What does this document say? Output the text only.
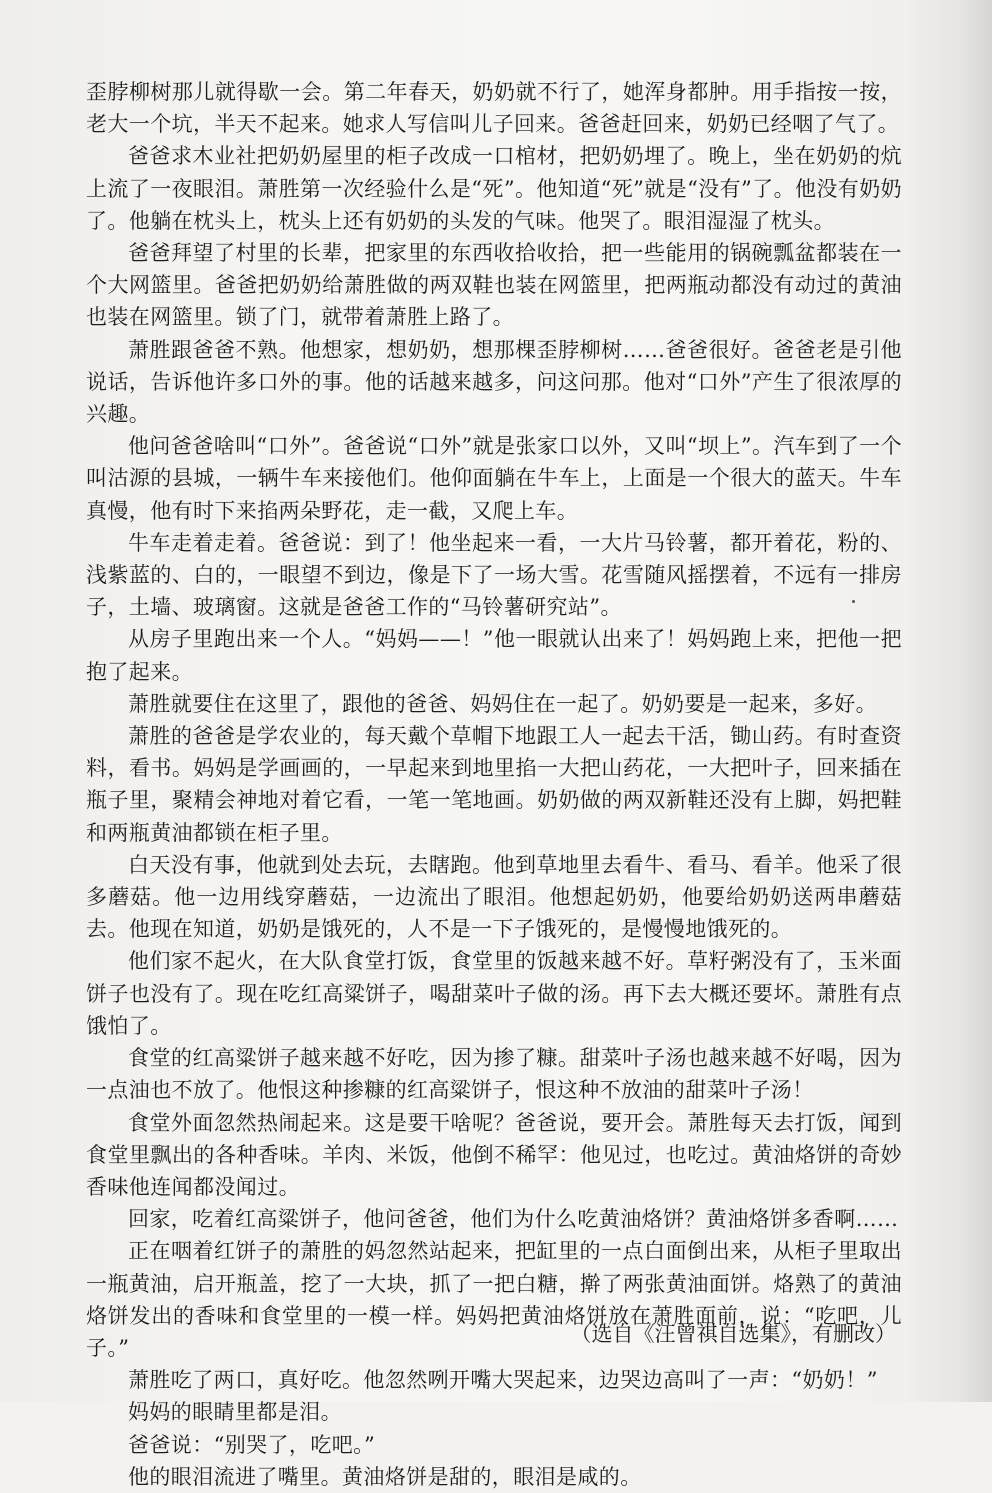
歪脖柳树那儿就得歇一会。第二年春天，奶奶就不行了，她浑身都肿。用手指按一按，老大一个坑，半天不起来。她求人写信叫儿子回来。爸爸赶回来，奶奶已经咽了气了。

爸爸求木业社把奶奶屋里的柜子改成一口棺材，把奶奶埋了。晚上，坐在奶奶的炕上流了一夜眼泪。萧胜第一次经验什么是“死”。他知道“死”就是“没有”了。他没有奶奶了。他躺在枕头上，枕头上还有奶奶的头发的气味。他哭了。眼泪湿湿了枕头。

爸爸拜望了村里的长辈，把家里的东西收拾收拾，把一些能用的锅碗瓢盆都装在一个大网篮里。爸爸把奶奶给萧胜做的两双鞋也装在网篮里，把两瓶动都没有动过的黄油也装在网篮里。锁了门，就带着萧胜上路了。

萧胜跟爸爸不熟。他想家，想奶奶，想那棵歪脖柳树……爸爸很好。爸爸老是引他说话，告诉他许多口外的事。他的话越来越多，问这问那。他对“口外”产生了很浓厚的兴趣。

他问爸爸啥叫“口外”。爸爸说“口外”就是张家口以外，又叫“坝上”。汽车到了一个叫沽源的县城，一辆牛车来接他们。他仰面躺在牛车上，上面是一个很大的蓝天。牛车真慢，他有时下来掐两朵野花，走一截，又爬上车。

牛车走着走着。爸爸说：到了！他坐起来一看，一大片马铃薯，都开着花，粉的、浅紫蓝的、白的，一眼望不到边，像是下了一场大雪。花雪随风摇摆着，不远有一排房子，土墙、玻璃窗。这就是爸爸工作的“马铃薯研究站”。

从房子里跑出来一个人。“妈妈——！”他一眼就认出来了！妈妈跑上来，把他一把抱了起来。

萧胜就要住在这里了，跟他的爸爸、妈妈住在一起了。奶奶要是一起来，多好。

萧胜的爸爸是学农业的，每天戴个草帽下地跟工人一起去干活，锄山药。有时查资料，看书。妈妈是学画画的，一早起来到地里掐一大把山药花，一大把叶子，回来插在瓶子里，聚精会神地对着它看，一笔一笔地画。奶奶做的两双新鞋还没有上脚，妈把鞋和两瓶黄油都锁在柜子里。

白天没有事，他就到处去玩，去瞎跑。他到草地里去看牛、看马、看羊。他采了很多蘑菇。他一边用线穿蘑菇，一边流出了眼泪。他想起奶奶，他要给奶奶送两串蘑菇去。他现在知道，奶奶是饿死的，人不是一下子饿死的，是慢慢地饿死的。

他们家不起火，在大队食堂打饭，食堂里的饭越来越不好。草籽粥没有了，玉米面饼子也没有了。现在吃红高粱饼子，喝甜菜叶子做的汤。再下去大概还要坏。萧胜有点饿怕了。

食堂的红高粱饼子越来越不好吃，因为掺了糠。甜菜叶子汤也越来越不好喝，因为一点油也不放了。他恨这种掺糠的红高粱饼子，恨这种不放油的甜菜叶子汤！

食堂外面忽然热闹起来。这是要干啥呢？爸爸说，要开会。萧胜每天去打饭，闻到食堂里飘出的各种香味。羊肉、米饭，他倒不稀罕：他见过，也吃过。黄油烙饼的奇妙香味他连闻都没闻过。

回家，吃着红高粱饼子，他问爸爸，他们为什么吃黄油烙饼？黄油烙饼多香啊……

正在咽着红饼子的萧胜的妈忽然站起来，把缸里的一点白面倒出来，从柜子里取出一瓶黄油，启开瓶盖，挖了一大块，抓了一把白糖，擀了两张黄油面饼。烙熟了的黄油烙饼发出的香味和食堂里的一模一样。妈妈把黄油烙饼放在萧胜面前，说：“吃吧，儿子。”

萧胜吃了两口，真好吃。他忽然咧开嘴大哭起来，边哭边高叫了一声：“奶奶！”

妈妈的眼睛里都是泪。

爸爸说：“别哭了，吃吧。”

他的眼泪流进了嘴里。黄油烙饼是甜的，眼泪是咸的。

（选自《汪曾祺自选集》，有删改）
